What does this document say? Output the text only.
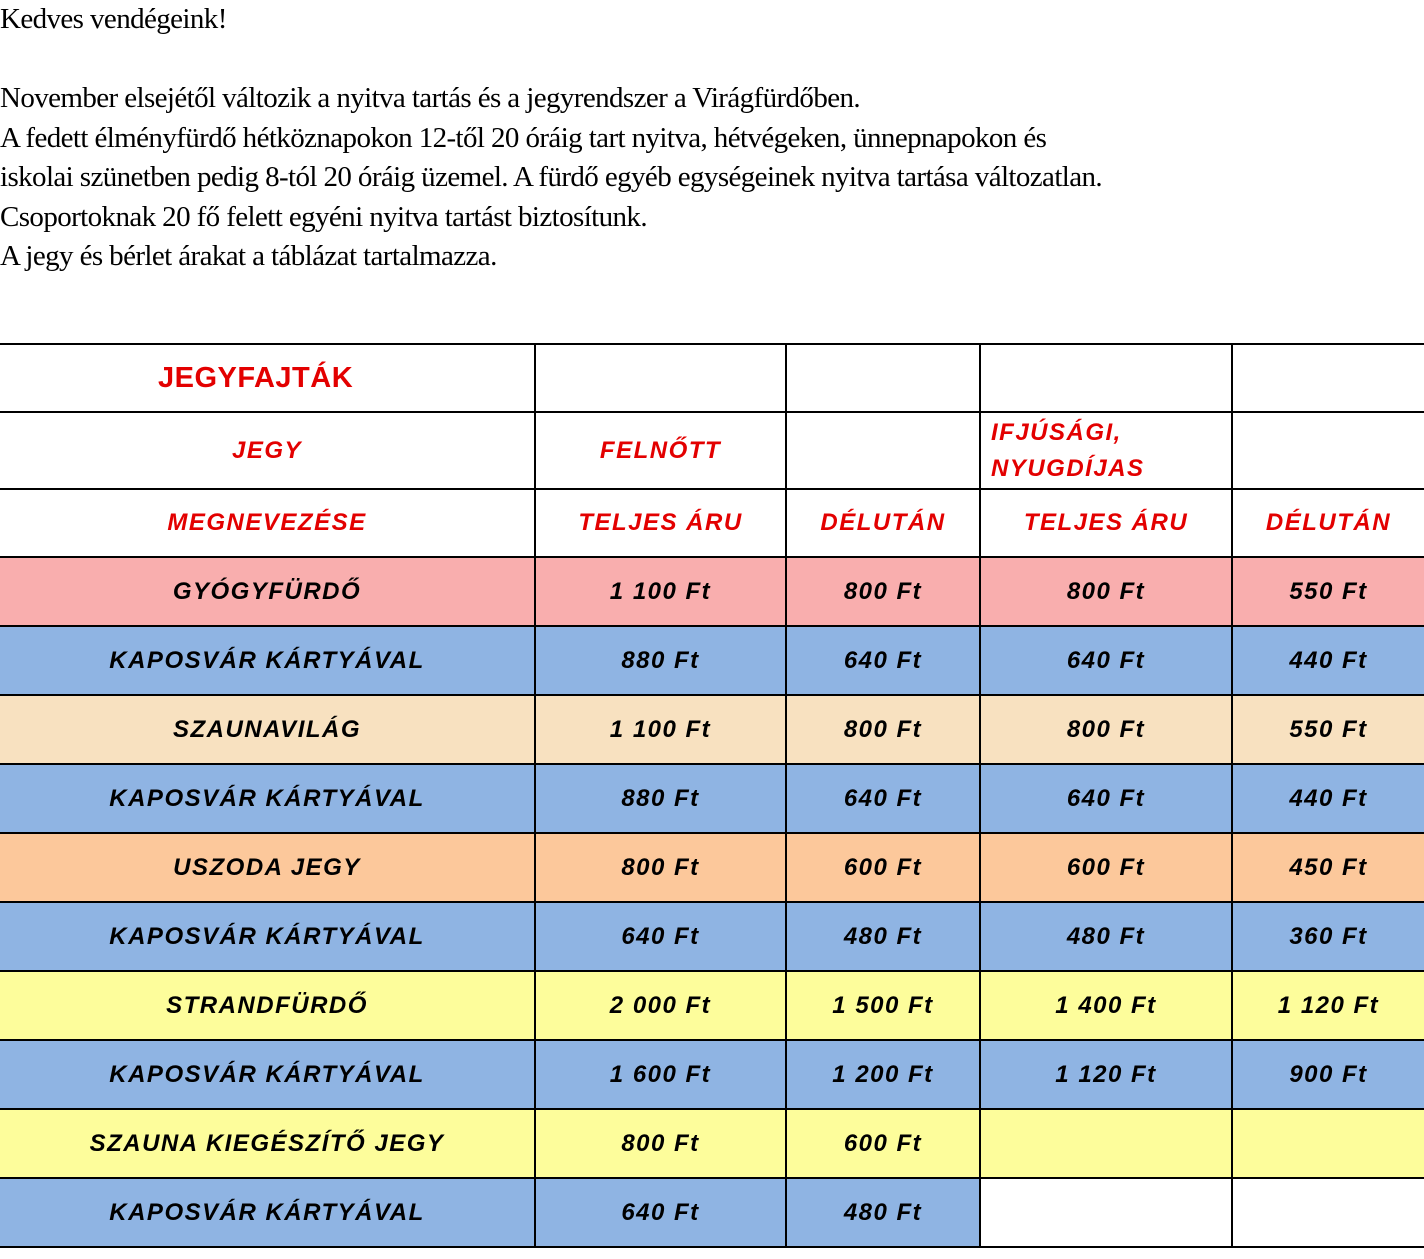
Kedves vendégeink!

November elsejétől változik a nyitva tartás és a jegyrendszer a Virágfürdőben.

A fedett élményfürdő hétköznapokon 12-től 20 óráig tart nyitva, hétvégeken, ünnepnapokon és

iskolai szünetben pedig 8-tól 20 óráig üzemel. A fürdő egyéb egységeinek nyitva tartása változatlan.

Csoportoknak 20 fő felett egyéni nyitva tartást biztosítunk.

A jegy és bérlet árakat a táblázat tartalmazza.

JEGYFAJTÁK				
JEGY	FELNŐTT		IFJÚSÁGI,
NYUGDÍJAS	
MEGNEVEZÉSE	TELJES ÁRU	DÉLUTÁN	TELJES ÁRU	DÉLUTÁN
GYÓGYFÜRDŐ	1 100 Ft	800 Ft	800 Ft	550 Ft
KAPOSVÁR KÁRTYÁVAL	880 Ft	640 Ft	640 Ft	440 Ft
SZAUNAVILÁG	1 100 Ft	800 Ft	800 Ft	550 Ft
KAPOSVÁR KÁRTYÁVAL	880 Ft	640 Ft	640 Ft	440 Ft
USZODA JEGY	800 Ft	600 Ft	600 Ft	450 Ft
KAPOSVÁR KÁRTYÁVAL	640 Ft	480 Ft	480 Ft	360 Ft
STRANDFÜRDŐ	2 000 Ft	1 500 Ft	1 400 Ft	1 120 Ft
KAPOSVÁR KÁRTYÁVAL	1 600 Ft	1 200 Ft	1 120 Ft	900 Ft
SZAUNA KIEGÉSZÍTŐ JEGY	800 Ft	600 Ft		
KAPOSVÁR KÁRTYÁVAL	640 Ft	480 Ft		
